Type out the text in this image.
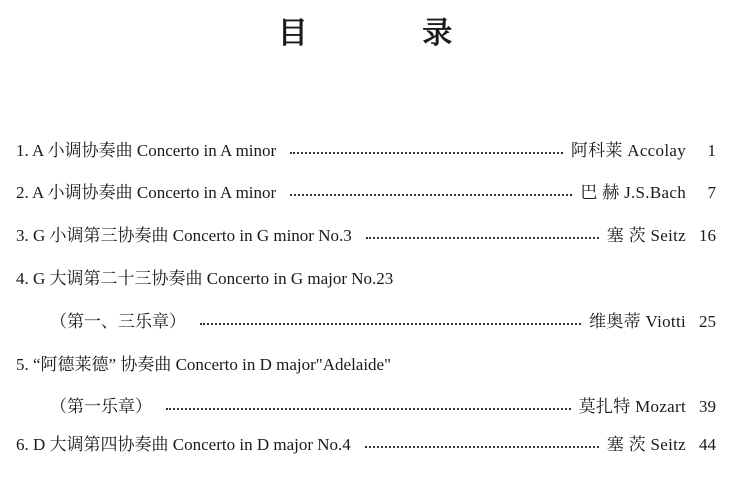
目 录
1. A 小调协奏曲 Concerto in A minor	阿科莱 Accolay	1
2. A 小调协奏曲 Concerto in A minor	巴 赫 J.S.Bach	7
3. G 小调第三协奏曲 Concerto in G minor No.3	塞 茨 Seitz 16
4. G 大调第二十三协奏曲 Concerto in G major No.23
（第一、三乐章）	维奥蒂 Viotti 25
5. “阿德莱德” 协奏曲 Concerto in D major"Adelaide"
（第一乐章）	莫扎特 Mozart 39
6. D 大调第四协奏曲 Concerto in D major No.4	塞 茨 Seitz 44
